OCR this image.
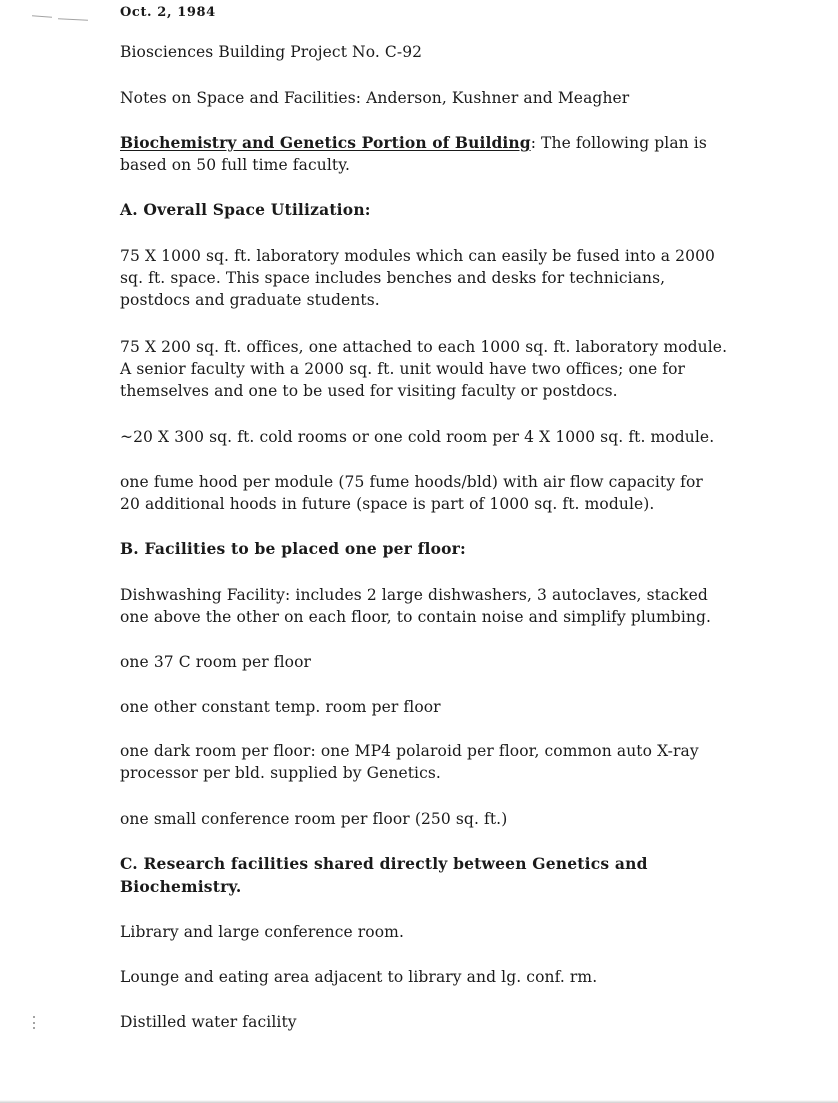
Oct. 2, 1984
Biosciences Building Project No. C-92
Notes on Space and Facilities: Anderson, Kushner and Meagher
Biochemistry and Genetics Portion of Building: The following plan is
based on 50 full time faculty.
A. Overall Space Utilization:
75 X 1000 sq. ft. laboratory modules which can easily be fused into a 2000
sq. ft. space. This space includes benches and desks for technicians,
postdocs and graduate students.
75 X 200 sq. ft. offices, one attached to each 1000 sq. ft. laboratory module.
A senior faculty with a 2000 sq. ft. unit would have two offices; one for
themselves and one to be used for visiting faculty or postdocs.
~20 X 300 sq. ft. cold rooms or one cold room per 4 X 1000 sq. ft. module.
one fume hood per module (75 fume hoods/bld) with air flow capacity for
20 additional hoods in future (space is part of 1000 sq. ft. module).
B. Facilities to be placed one per floor:
Dishwashing Facility: includes 2 large dishwashers, 3 autoclaves, stacked
one above the other on each floor, to contain noise and simplify plumbing.
one 37 C room per floor
one other constant temp. room per floor
one dark room per floor: one MP4 polaroid per floor, common auto X-ray
processor per bld. supplied by Genetics.
one small conference room per floor (250 sq. ft.)
C. Research facilities shared directly between Genetics and
Biochemistry.
Library and large conference room.
Lounge and eating area adjacent to library and lg. conf. rm.
Distilled water facility
